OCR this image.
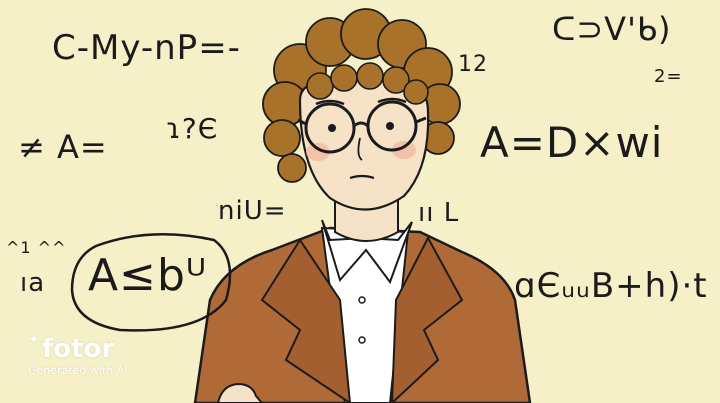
C-My-nP=-	ᑕ⊃V'ᑲ)

12	2=

≠ A= ɿ?Є	A=D×wi

niU=	ıı ꓡ

^1 ^^

ıa A≤bᵁ	ɑЄᵤᵤB+h)·t

✦ fotor
Generated with AI
